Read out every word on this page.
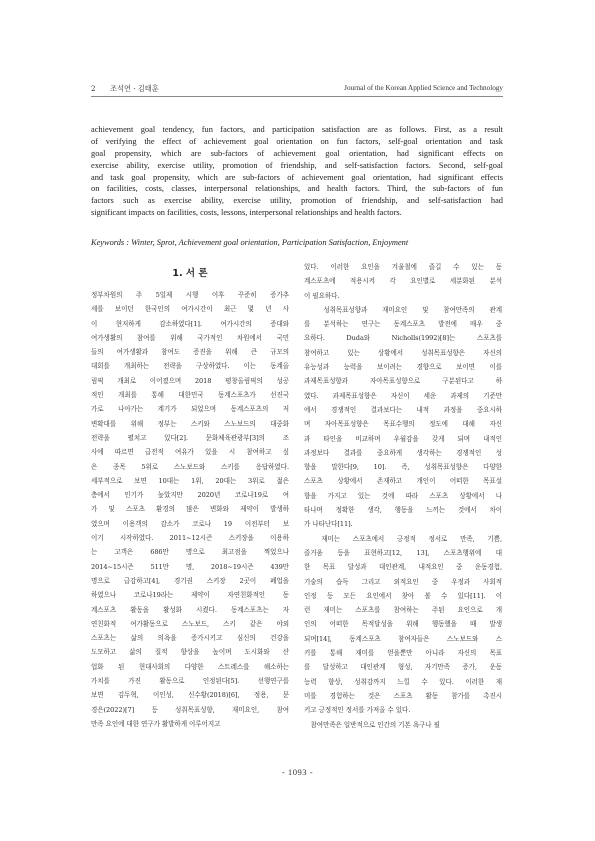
2 조석연 · 김태훈	Journal of the Korean Applied Science and Technology
achievement goal tendency, fun factors, and participation satisfaction are as follows. First, as a result
of verifying the effect of achievement goal orientation on fun factors, self-goal orientation and task
goal propensity, which are sub-factors of achievement goal orientation, had significant effects on
exercise ability, exercise utility, promotion of friendship, and self-satisfaction factors. Second, self-goal
and task goal propensity, which are sub-factors of achievement goal orientation, had significant effects
on facilities, costs, classes, interpersonal relationships, and health factors. Third, the sub-factors of fun
factors such as exercise ability, exercise utility, promotion of friendship, and self-satisfaction had
significant impacts on facilities, costs, lessons, interpersonal relationships and health factors.
Keywords : Winter, Sprot, Achievement goal orientation, Participation Satisfaction, Enjoyment
1. 서 론
정부차원의 주 5일제 시행 이후 꾸준히 증가추
세를 보이던 한국인의 여가시간이 최근 몇 년 사
이 현저하게 감소하였다[1]. 여가시간의 증대와
여가생활의 참여를 위해 국가적인 차원에서 국민
들의 여가생활과 참여도 증진을 위해 큰 규모의
대회를 개최하는 전략을 구상하였다. 이는 동계올
림픽 개최로 이어졌으며 2018 평창올림픽의 성공
적인 개최를 통해 대한민국 동계스포츠가 선진국
가로 나아가는 계기가 되었으며 동계스포츠의 저
변확대를 위해 정부는 스키와 스노보드의 대중화
전략을 펼치고 있다[2]. 문화체육관광부[3]의 조
사에 따르면 급전적 여유가 있을 시 참여하고 싶
은 종목 5위로 스노보드와 스키를 응답하였다.
세부적으로 보면 10대는 1위, 20대는 3위로 젊은
층에서 인기가 높았지만 2020년 코로나19로 여
가 및 스포츠 환경의 많은 변화와 제약이 발생하
였으며 이용객의 감소가 코로나 19 이전부터 보
이기 시작하였다. 2011~12시즌 스키장을 이용하
는 고객은 686만 명으로 최고점을 찍었으나
2014~15시즌 511만 명, 2018~19시즌 439만
명으로 급감하고[4], 경기권 스키장 2곳이 폐업을
하였으나 코로나19라는 제약이 자연친화적인 동
계스포츠 활동을 활성화 시켰다. 동계스포츠는 자
연친화적 여가활동으로 스노보드, 스키 같은 야외
스포츠는 삶의 의욕을 증가시키고 심신의 건강을
도모하고 삶의 질적 향상을 높이며 도시화와 산
업화 된 현대사회의 다양한 스트레스를 해소하는
가치를 가진 활동으로 인정된다[5]. 선행연구를
보면 김두혁, 이인성, 신수황(2018)[6], 정용, 문
경은(2022)[7] 등 성취목표성향, 재미요인, 참여
만족 요인에 대한 연구가 활발하게 이루어지고
있다. 이러한 요인을 겨울철에 즐길 수 있는 동
계스포츠에 적용시켜 각 요인별로 세분화된 분석
이 필요하다.
　성취목표성향과 재미요인 및 참여만족의 관계
를 분석하는 연구는 동계스포츠 발전에 매우 중
요하다. Duda와 Nicholls(1992)[8]는 스포츠를
참여하고 있는 상황에서 성취목표성향은 자신의
유능성과 능력을 보이려는 경향으로 보이면 이를
과제목표성향과 자아목표성향으로 구분된다고 하
였다. 과제목표성향은 자신이 세운 과제의 기준만
에서 경쟁적인 결과보다는 내적 과정을 중요시하
며 자아목표성향은 목표수행의 정도에 대해 자신
과 타인을 비교하며 우월감을 갖게 되며 내적인
과정보다 결과를 중요하게 생각하는 경쟁적인 성
향을 말한다[9, 10]. 즉, 성취목표성향은 다양한
스포츠 상황에서 존재하고 개인이 어떠한 목표설
향을 가지고 있는 것에 따라 스포츠 상황에서 나
타나며 정확한 생각, 행동을 느끼는 것에서 차이
가 나타난다[11].
　재미는 스포츠에서 긍정적 정서로 만족, 기쁨,
즐거움 등을 표현하고[12, 13], 스포츠행위에 대
한 목표 달성과 대인관계, 내적요인 중 운동경험,
기술의 습득 그리고 외적요인 중 우정과 사회적
인정 등 모든 요인에서 찾아 볼 수 있다[11]. 이
런 재미는 스포츠를 참여하는 주된 요인으로 개
인의 어떠한 목적달성을 위해 행동했을 때 발생
되며[14], 동계스포츠 참여자들은 스노보드와 스
키를 통해 재미를 얻을뿐만 아니라 자신의 목표
를 달성하고 대인관계 형성, 자기만족 증가, 운동
능력 향상, 성취감까지 느낄 수 있다. 이러한 재
미를 경험하는 것은 스포츠 활동 참가를 촉진시
키고 긍정적인 정서를 가져올 수 있다.
　참여만족은 일반적으로 인간의 기본 욕구나 필
- 1093 -
